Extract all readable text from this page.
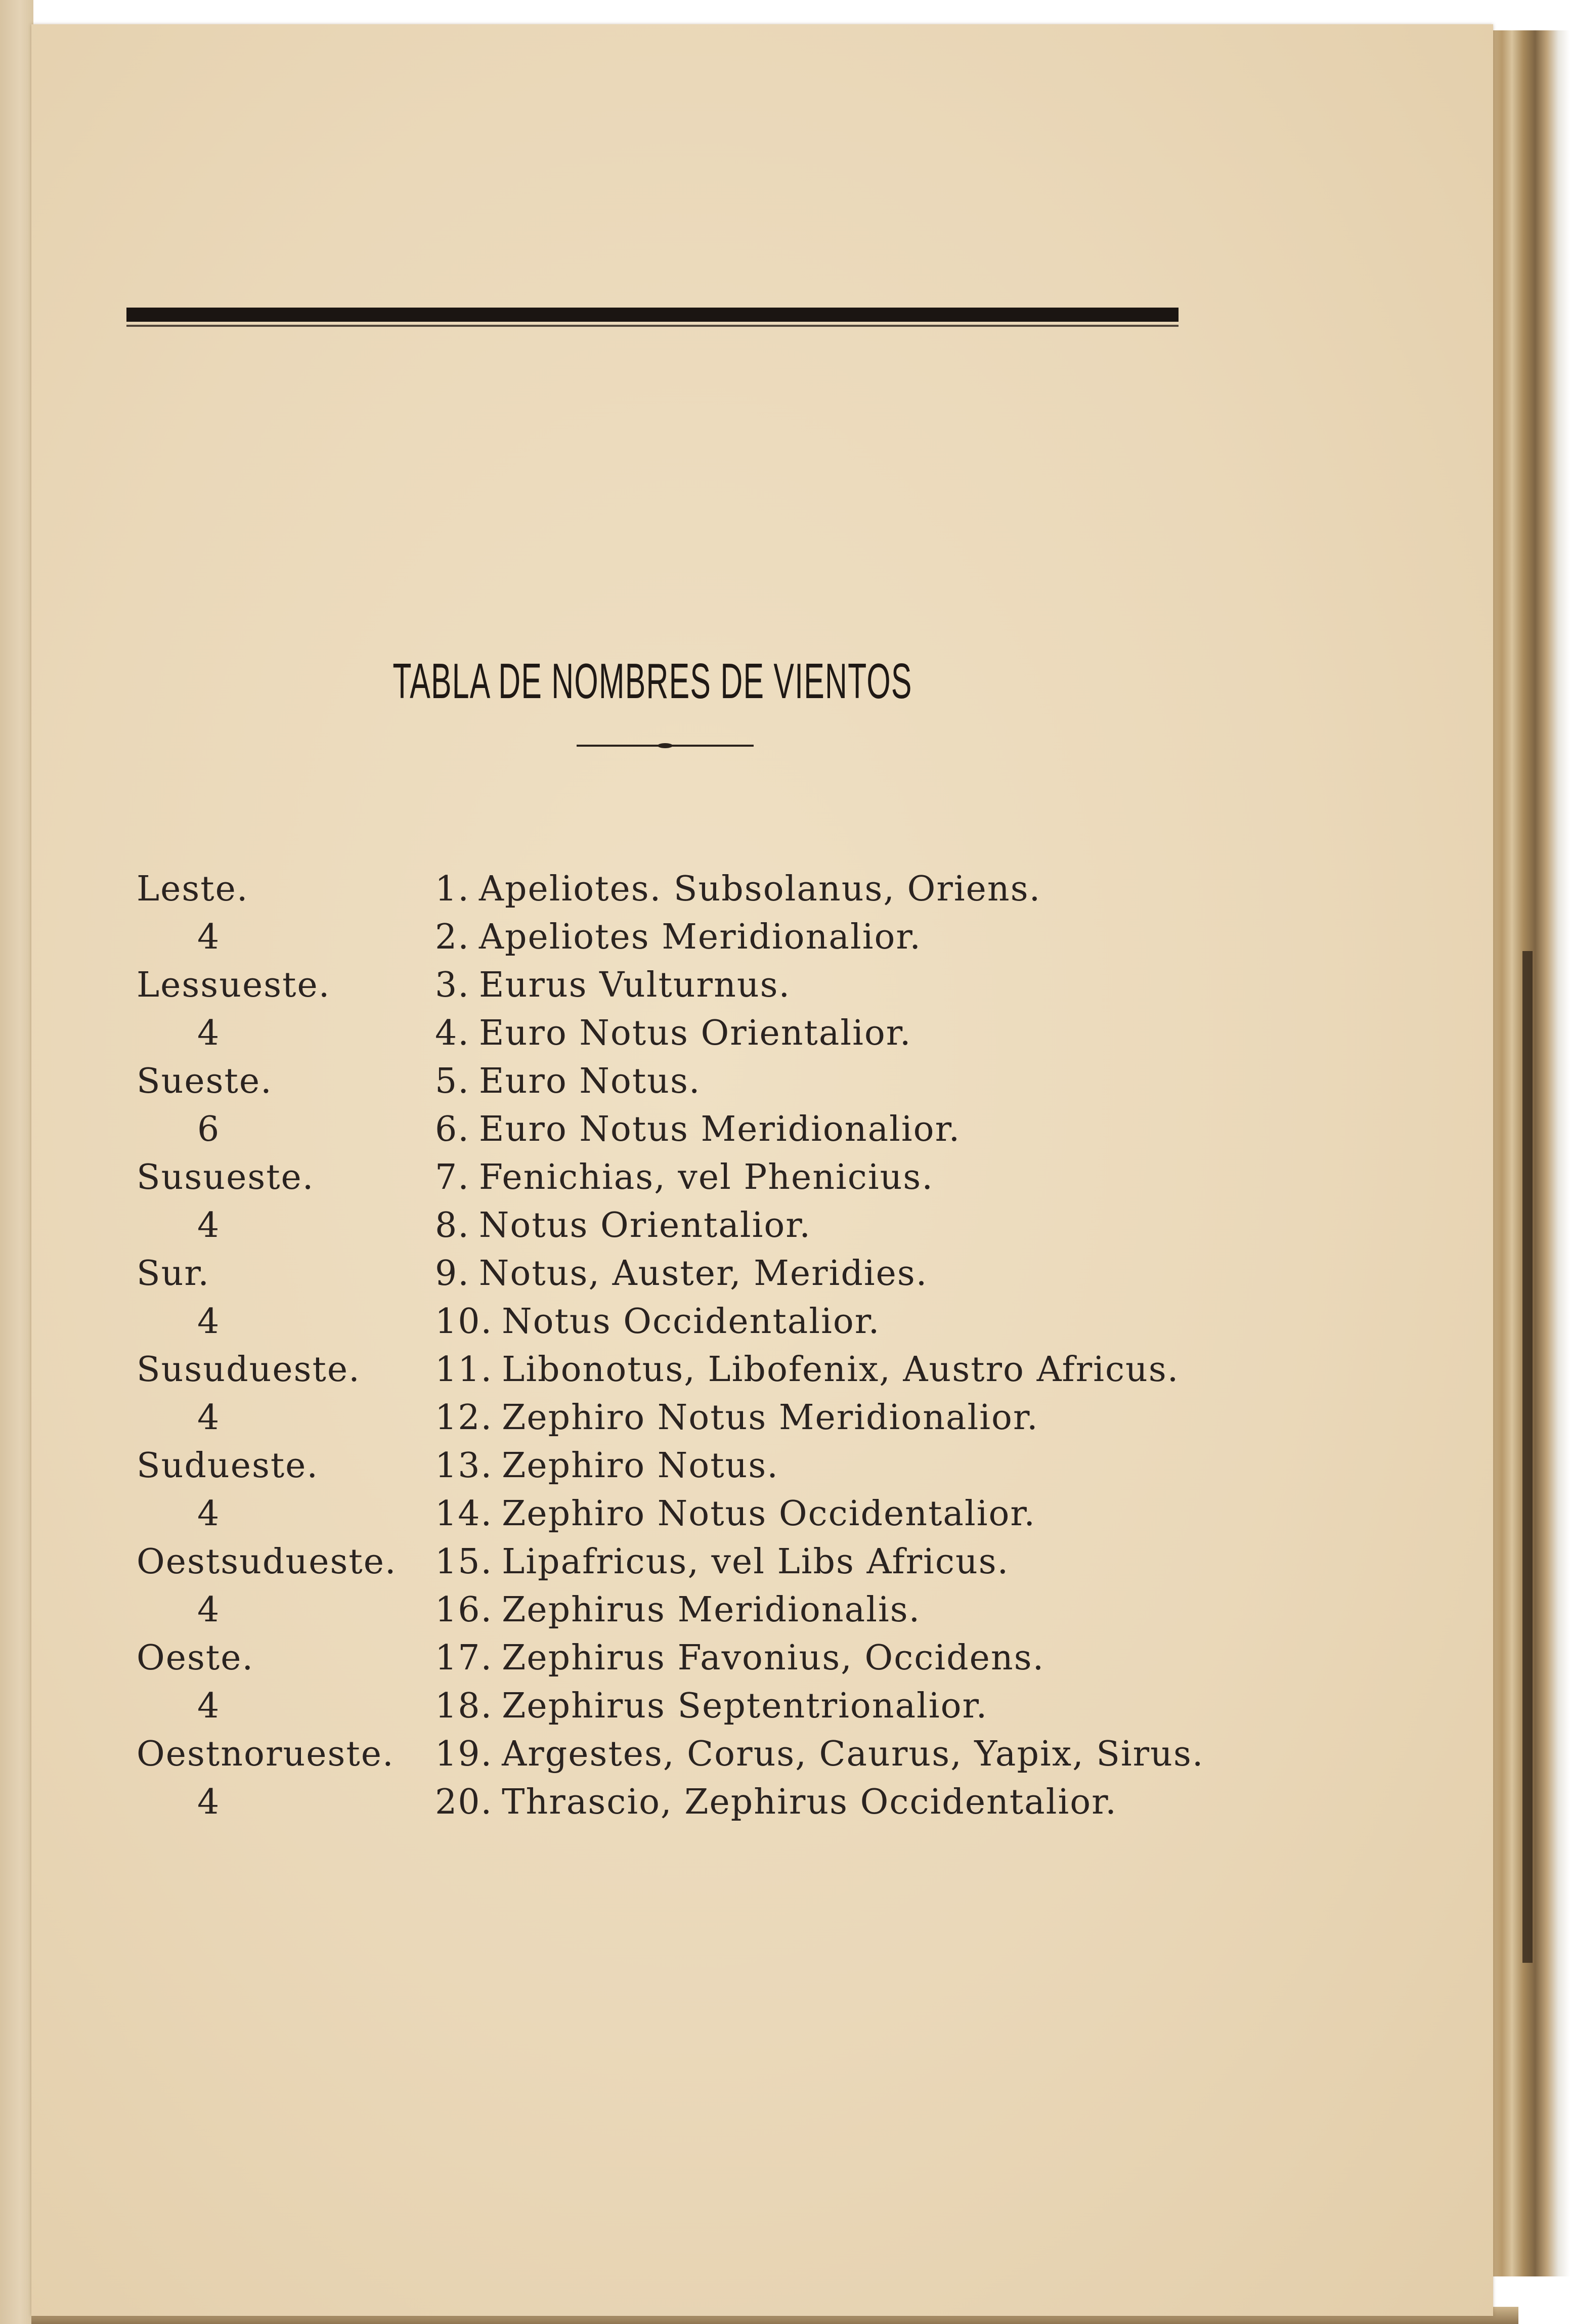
TABLA DE NOMBRES DE VIENTOS
Leste.	1. Apeliotes. Subsolanus, Oriens.
4	2. Apeliotes Meridionalior.
Lessueste.	3. Eurus Vulturnus.
4	4. Euro Notus Orientalior.
Sueste.	5. Euro Notus.
6	6. Euro Notus Meridionalior.
Susueste.	7. Fenichias, vel Phenicius.
4	8. Notus Orientalior.
Sur.	9. Notus, Auster, Meridies.
4	10. Notus Occidentalior.
Susudueste. 11. Libonotus, Libofenix, Austro Africus.
4	12. Zephiro Notus Meridionalior.
Sudueste.	13. Zephiro Notus.
4	14. Zephiro Notus Occidentalior.
Oestsudueste. 15. Lipafricus, vel Libs Africus.
4	16. Zephirus Meridionalis.
Oeste.	17. Zephirus Favonius, Occidens.
4	18. Zephirus Septentrionalior.
Oestnorueste. 19. Argestes, Corus, Caurus, Yapix, Sirus.
4	20. Thrascio, Zephirus Occidentalior.
